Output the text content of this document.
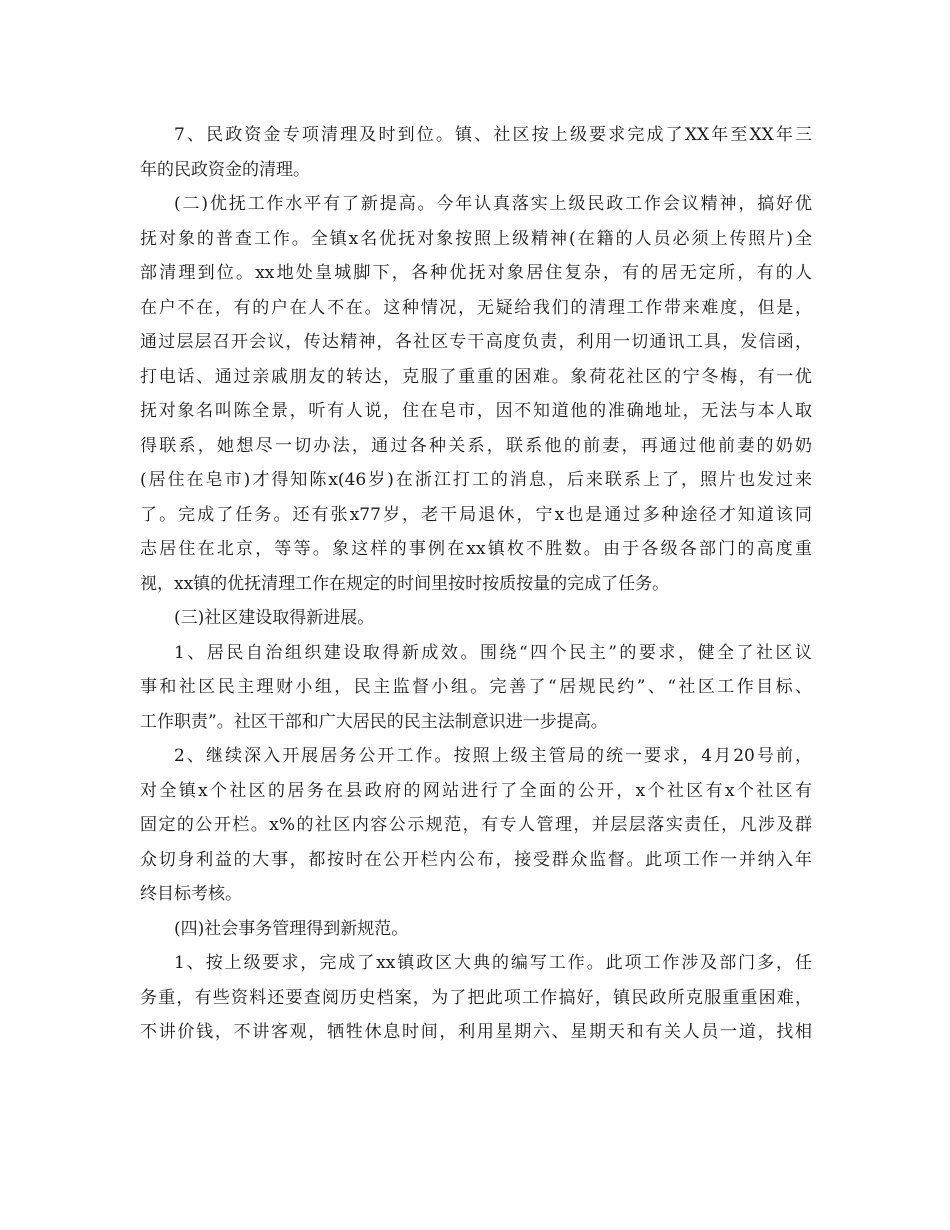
7、民政资金专项清理及时到位。镇、社区按上级要求完成了XX年至XX年三
年的民政资金的清理。
(二)优抚工作水平有了新提高。今年认真落实上级民政工作会议精神，搞好优
抚对象的普查工作。全镇x名优抚对象按照上级精神(在籍的人员必须上传照片)全
部清理到位。xx地处皇城脚下，各种优抚对象居住复杂，有的居无定所，有的人
在户不在，有的户在人不在。这种情况，无疑给我们的清理工作带来难度，但是，
通过层层召开会议，传达精神，各社区专干高度负责，利用一切通讯工具，发信函，
打电话、通过亲戚朋友的转达，克服了重重的困难。象荷花社区的宁冬梅，有一优
抚对象名叫陈全景，听有人说，住在皂市，因不知道他的准确地址，无法与本人取
得联系，她想尽一切办法，通过各种关系，联系他的前妻，再通过他前妻的奶奶
(居住在皂市)才得知陈x(46岁)在浙江打工的消息，后来联系上了，照片也发过来
了。完成了任务。还有张x77岁，老干局退休，宁x也是通过多种途径才知道该同
志居住在北京，等等。象这样的事例在xx镇枚不胜数。由于各级各部门的高度重
视，xx镇的优抚清理工作在规定的时间里按时按质按量的完成了任务。
(三)社区建设取得新进展。
1、居民自治组织建设取得新成效。围绕“四个民主”的要求，健全了社区议
事和社区民主理财小组，民主监督小组。完善了“居规民约”、“社区工作目标、
工作职责”。社区干部和广大居民的民主法制意识进一步提高。
2、继续深入开展居务公开工作。按照上级主管局的统一要求，4月20号前，
对全镇x个社区的居务在县政府的网站进行了全面的公开，x个社区有x个社区有
固定的公开栏。x%的社区内容公示规范，有专人管理，并层层落实责任，凡涉及群
众切身利益的大事，都按时在公开栏内公布，接受群众监督。此项工作一并纳入年
终目标考核。
(四)社会事务管理得到新规范。
1、按上级要求，完成了xx镇政区大典的编写工作。此项工作涉及部门多，任
务重，有些资料还要查阅历史档案，为了把此项工作搞好，镇民政所克服重重困难，
不讲价钱，不讲客观，牺牲休息时间，利用星期六、星期天和有关人员一道，找相
